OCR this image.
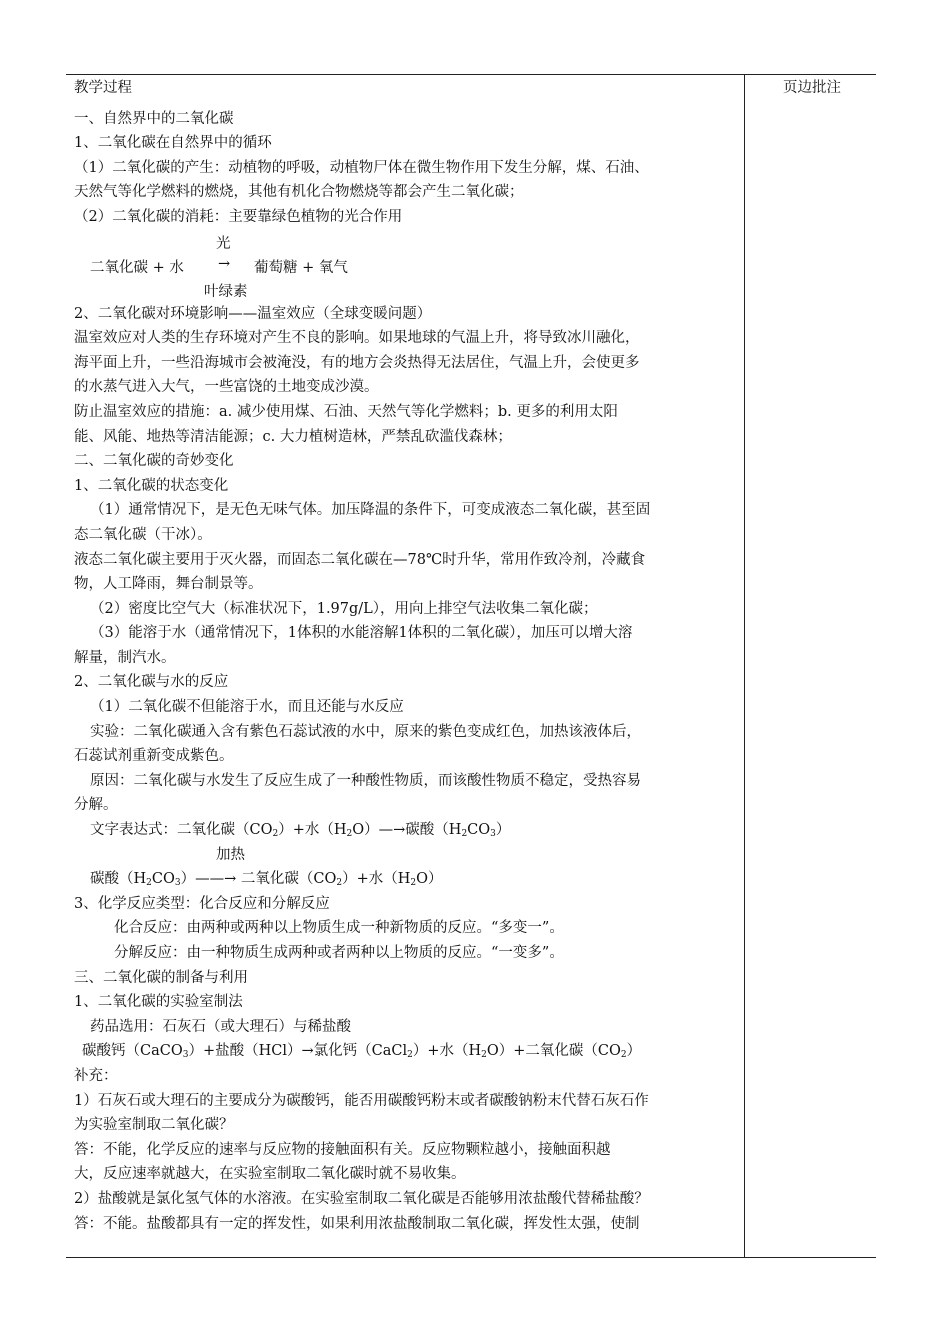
页边批注
教学过程
一、自然界中的二氧化碳
1、二氧化碳在自然界中的循环
（1）二氧化碳的产生：动植物的呼吸，动植物尸体在微生物作用下发生分解，煤、石油、
天然气等化学燃料的燃烧，其他有机化合物燃烧等都会产生二氧化碳；
（2）二氧化碳的消耗：主要靠绿色植物的光合作用
光
二氧化碳 + 水 → 葡萄糖 + 氧气
叶绿素
2、二氧化碳对环境影响——温室效应（全球变暖问题）
温室效应对人类的生存环境对产生不良的影响。如果地球的气温上升，将导致冰川融化，
海平面上升，一些沿海城市会被淹没，有的地方会炎热得无法居住，气温上升，会使更多
的水蒸气进入大气，一些富饶的土地变成沙漠。
防止温室效应的措施：a. 减少使用煤、石油、天然气等化学燃料；b. 更多的利用太阳
能、风能、地热等清洁能源；c. 大力植树造林，严禁乱砍滥伐森林；
二、二氧化碳的奇妙变化
1、二氧化碳的状态变化
（1）通常情况下，是无色无味气体。加压降温的条件下，可变成液态二氧化碳，甚至固
态二氧化碳（干冰）。
液态二氧化碳主要用于灭火器，而固态二氧化碳在—78℃时升华，常用作致冷剂，冷藏食
物，人工降雨，舞台制景等。
（2）密度比空气大（标准状况下，1.97g/L），用向上排空气法收集二氧化碳；
（3）能溶于水（通常情况下，1体积的水能溶解1体积的二氧化碳），加压可以增大溶
解量，制汽水。
2、二氧化碳与水的反应
（1）二氧化碳不但能溶于水，而且还能与水反应
实验：二氧化碳通入含有紫色石蕊试液的水中，原来的紫色变成红色，加热该液体后，
石蕊试剂重新变成紫色。
原因：二氧化碳与水发生了反应生成了一种酸性物质，而该酸性物质不稳定，受热容易
分解。
文字表达式：二氧化碳$(CO_2)+$水$(H_2O)—\to$碳酸$(H_2CO_3)$
加热
碳酸$(H_2CO_3)——\to$ 二氧化碳$(CO_2)+$水$(H_2O)$
3、化学反应类型：化合反应和分解反应
化合反应：由两种或两种以上物质生成一种新物质的反应。“多变一”。
分解反应：由一种物质生成两种或者两种以上物质的反应。“一变多”。
三、二氧化碳的制备与利用
1、二氧化碳的实验室制法
药品选用：石灰石（或大理石）与稀盐酸
碳酸钙（CaCO$_3$）+盐酸（HCl）→氯化钙（CaCl$_2$）+水$(H_2O)+$二氧化碳$(CO_2)$
补充：
1）石灰石或大理石的主要成分为碳酸钙，能否用碳酸钙粉末或者碳酸钠粉末代替石灰石作
为实验室制取二氧化碳？
答：不能，化学反应的速率与反应物的接触面积有关。反应物颗粒越小，接触面积越
大，反应速率就越大，在实验室制取二氧化碳时就不易收集。
2）盐酸就是氯化氢气体的水溶液。在实验室制取二氧化碳是否能够用浓盐酸代替稀盐酸？
答：不能。盐酸都具有一定的挥发性，如果利用浓盐酸制取二氧化碳，挥发性太强，使制
